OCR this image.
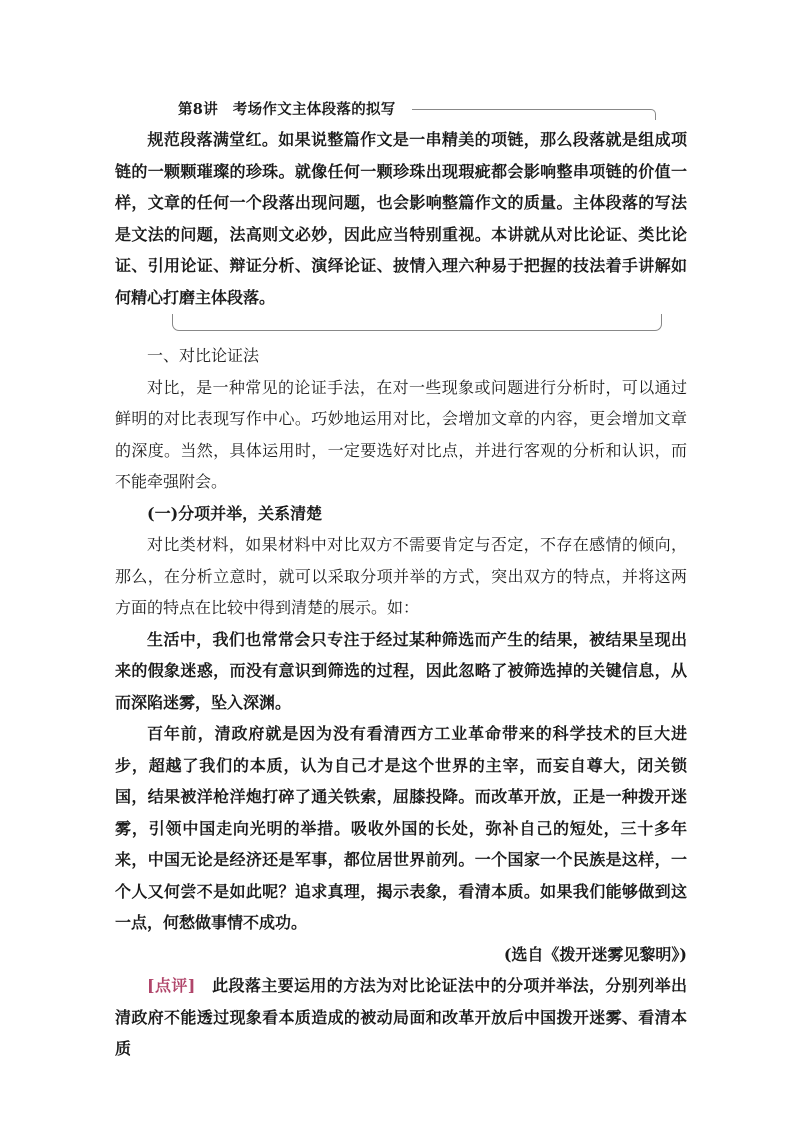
第8讲　考场作文主体段落的拟写
规范段落满堂红。如果说整篇作文是一串精美的项链，那么段落就是组成项链的一颗颗璀璨的珍珠。就像任何一颗珍珠出现瑕疵都会影响整串项链的价值一样，文章的任何一个段落出现问题，也会影响整篇作文的质量。主体段落的写法是文法的问题，法高则文必妙，因此应当特别重视。本讲就从对比论证、类比论证、引用论证、辩证分析、演绎论证、披情入理六种易于把握的技法着手讲解如何精心打磨主体段落。

一、对比论证法

对比，是一种常见的论证手法，在对一些现象或问题进行分析时，可以通过鲜明的对比表现写作中心。巧妙地运用对比，会增加文章的内容，更会增加文章的深度。当然，具体运用时，一定要选好对比点，并进行客观的分析和认识，而不能牵强附会。

(一)分项并举，关系清楚

对比类材料，如果材料中对比双方不需要肯定与否定，不存在感情的倾向，那么，在分析立意时，就可以采取分项并举的方式，突出双方的特点，并将这两方面的特点在比较中得到清楚的展示。如：

生活中，我们也常常会只专注于经过某种筛选而产生的结果，被结果呈现出来的假象迷惑，而没有意识到筛选的过程，因此忽略了被筛选掉的关键信息，从而深陷迷雾，坠入深渊。

百年前，清政府就是因为没有看清西方工业革命带来的科学技术的巨大进步，超越了我们的本质，认为自己才是这个世界的主宰，而妄自尊大，闭关锁国，结果被洋枪洋炮打碎了通关铁索，屈膝投降。而改革开放，正是一种拨开迷雾，引领中国走向光明的举措。吸收外国的长处，弥补自己的短处，三十多年来，中国无论是经济还是军事，都位居世界前列。一个国家一个民族是这样，一个人又何尝不是如此呢？追求真理，揭示表象，看清本质。如果我们能够做到这一点，何愁做事情不成功。

(选自《拨开迷雾见黎明》)

[点评]　此段落主要运用的方法为对比论证法中的分项并举法，分别列举出清政府不能透过现象看本质造成的被动局面和改革开放后中国拨开迷雾、看清本质
